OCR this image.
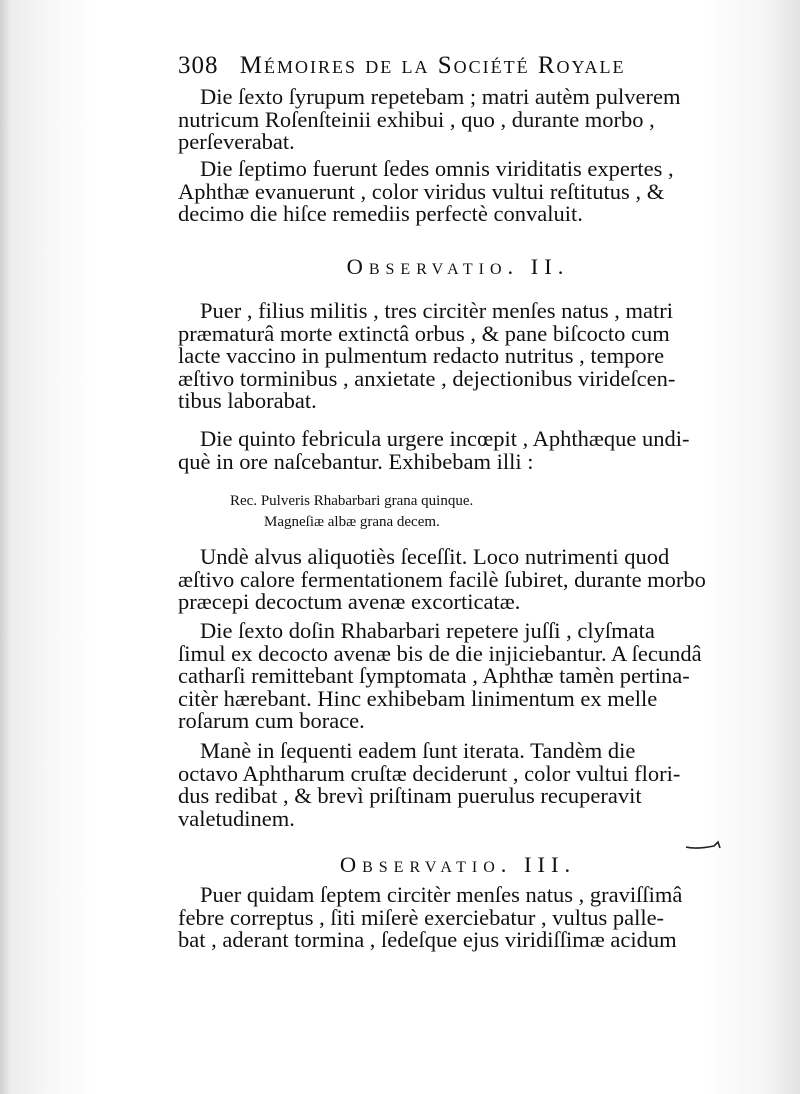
308 Mémoires de la Société Royale
Die ſexto ſyrupum repetebam ; matri autèm pulverem
nutricum Roſenſteinii exhibui , quo , durante morbo ,
perſeverabat.
Die ſeptimo fuerunt ſedes omnis viriditatis expertes ,
Aphthæ evanuerunt , color viridus vultui reſtitutus , &
decimo die hiſce remediis perfectè convaluit.
Observatio. II.
Puer , filius militis , tres circitèr menſes natus , matri
præmaturâ morte extinctâ orbus , & pane biſcocto cum
lacte vaccino in pulmentum redacto nutritus , tempore
æſtivo torminibus , anxietate , dejectionibus virideſcen-
tibus laborabat.
Die quinto febricula urgere incœpit , Aphthæque undi-
què in ore naſcebantur. Exhibebam illi :
Rec. Pulveris Rhabarbari grana quinque.
Magneſiæ albæ grana decem.
Undè alvus aliquotiès ſeceſſit. Loco nutrimenti quod
æſtivo calore fermentationem facilè ſubiret, durante morbo
præcepi decoctum avenæ excorticatæ.
Die ſexto doſin Rhabarbari repetere juſſi , clyſmata
ſimul ex decocto avenæ bis de die injiciebantur. A ſecundâ
catharſi remittebant ſymptomata , Aphthæ tamèn pertina-
citèr hærebant. Hinc exhibebam linimentum ex melle
roſarum cum borace.
Manè in ſequenti eadem ſunt iterata. Tandèm die
octavo Aphtharum cruſtæ deciderunt , color vultui flori-
dus redibat , & brevì priſtinam puerulus recuperavit
valetudinem.
Observatio. III.
Puer quidam ſeptem circitèr menſes natus , graviſſimâ
febre correptus , ſiti miſerè exerciebatur , vultus palle-
bat , aderant tormina , ſedeſque ejus viridiſſimæ acidum
